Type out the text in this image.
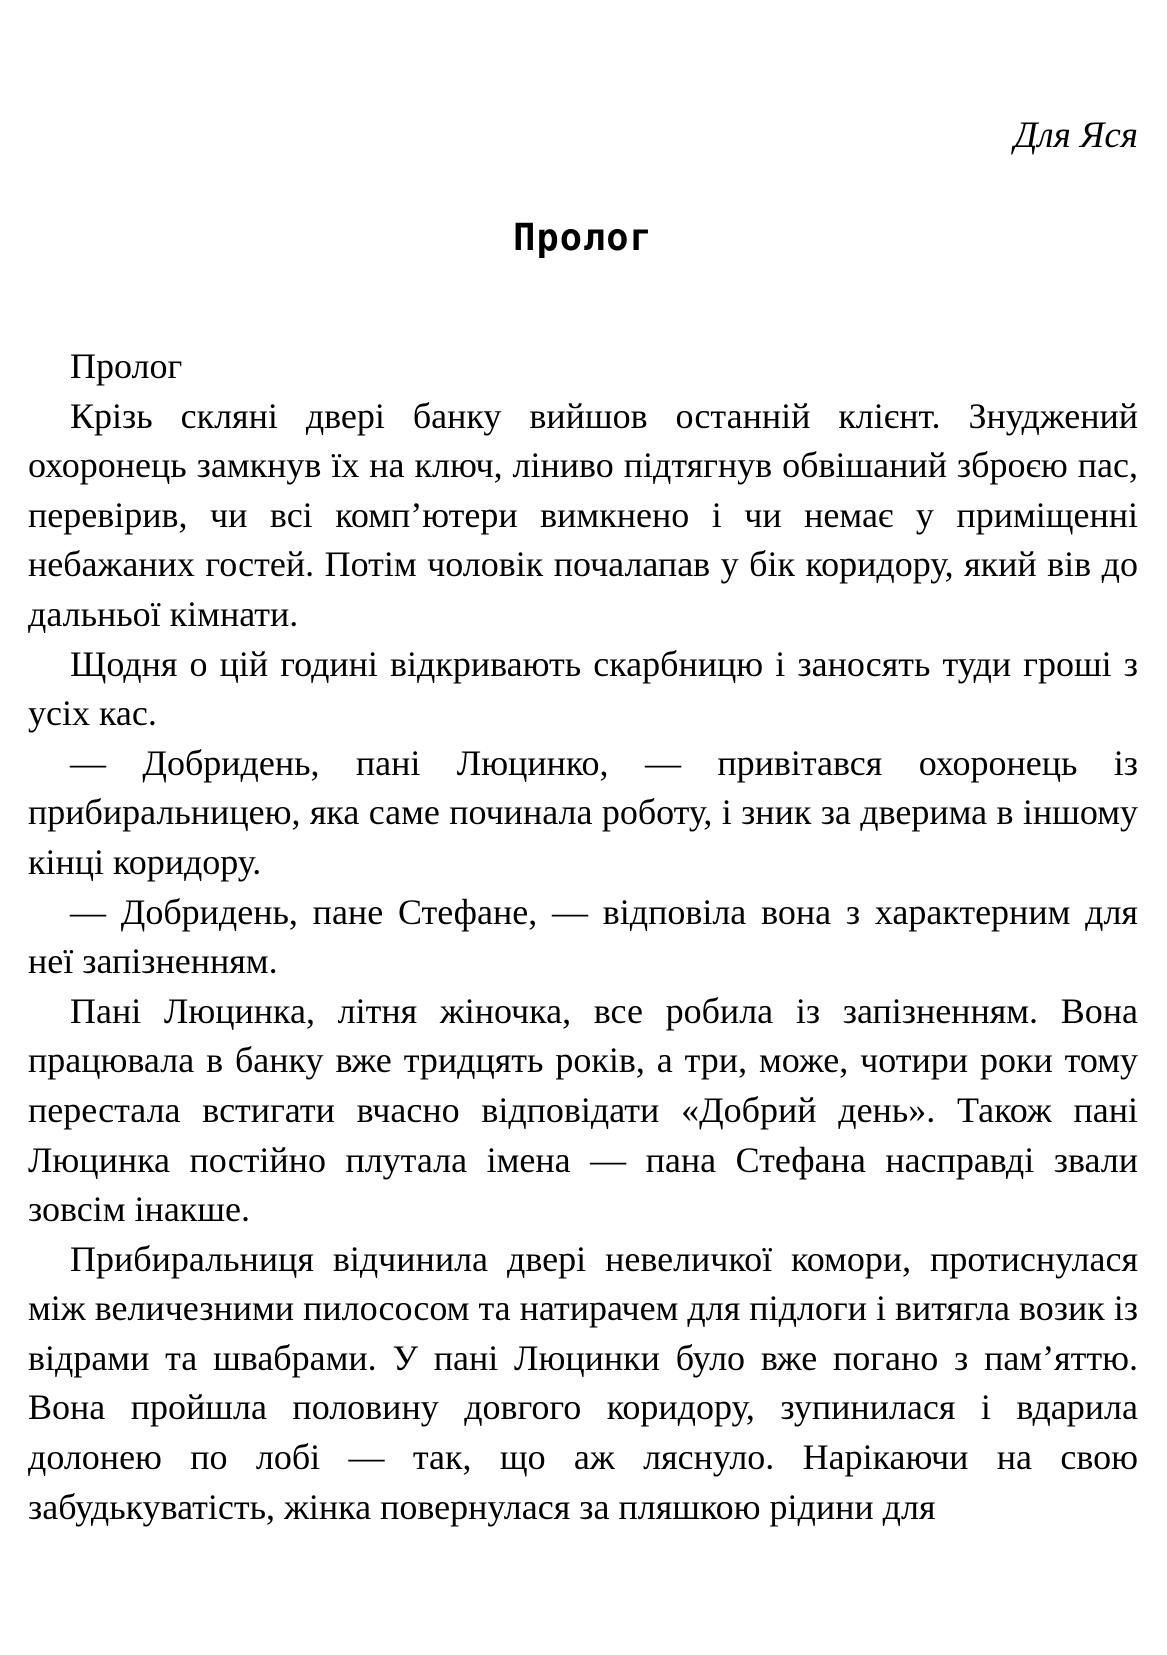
Для Яся
Пролог

Пролог

Крізь скляні двері банку вийшов останній клієнт. Знуджений охоронець замкнув їх на ключ, ліниво підтягнув обвішаний зброєю пас, перевірив, чи всі комп’ютери вимкнено і чи немає у приміщенні небажаних гостей. Потім чоловік почалапав у бік коридору, який вів до дальньої кімнати.

Щодня о цій годині відкривають скарбницю і заносять туди гроші з усіх кас.

— Добридень, пані Люцинко, — привітався охоронець із прибиральницею, яка саме починала роботу, і зник за дверима в іншому кінці коридору.

— Добридень, пане Стефане, — відповіла вона з характерним для неї запізненням.

Пані Люцинка, літня жіночка, все робила із запізненням. Вона працювала в банку вже тридцять років, а три, може, чотири роки тому перестала встигати вчасно відповідати «Добрий день». Також пані Люцинка постійно плутала імена — пана Стефана насправді звали зовсім інакше.

Прибиральниця відчинила двері невеличкої комори, протиснулася між величезними пилососом та натирачем для підлоги і витягла возик із відрами та швабрами. У пані Люцинки було вже погано з пам’яттю. Вона пройшла половину довгого коридору, зупинилася і вдарила долонею по лобі — так, що аж ляснуло. Нарікаючи на свою забудькуватість, жінка повернулася за пляшкою рідини для
